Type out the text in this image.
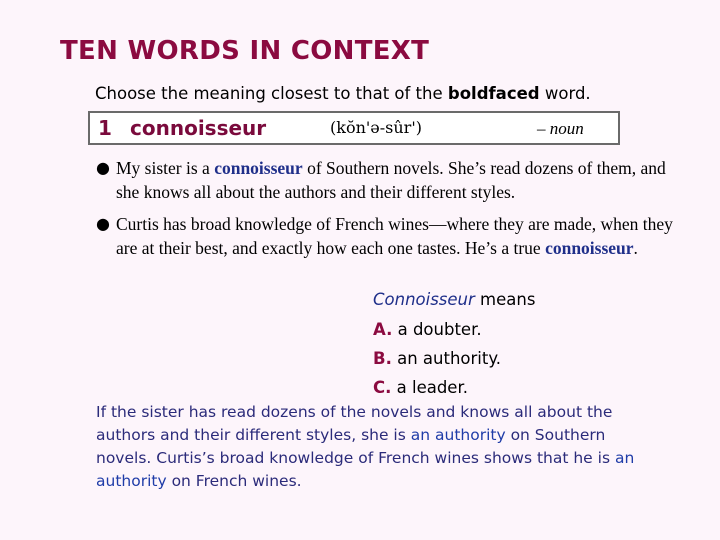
TEN WORDS IN CONTEXT
Choose the meaning closest to that of the boldfaced word.
1 connoisseur	(kŏn'ə-sûr')	– noun
● My sister is a connoisseur of Southern novels. She’s read dozens of them, and she knows all about the authors and their different styles.
● Curtis has broad knowledge of French wines—where they are made, when they are at their best, and exactly how each one tastes. He’s a true connoisseur.
Connoisseur means
A. a doubter.
B. an authority.
C. a leader.
If the sister has read dozens of the novels and knows all about the authors and their different styles, she is an authority on Southern novels. Curtis’s broad knowledge of French wines shows that he is an authority on French wines.
